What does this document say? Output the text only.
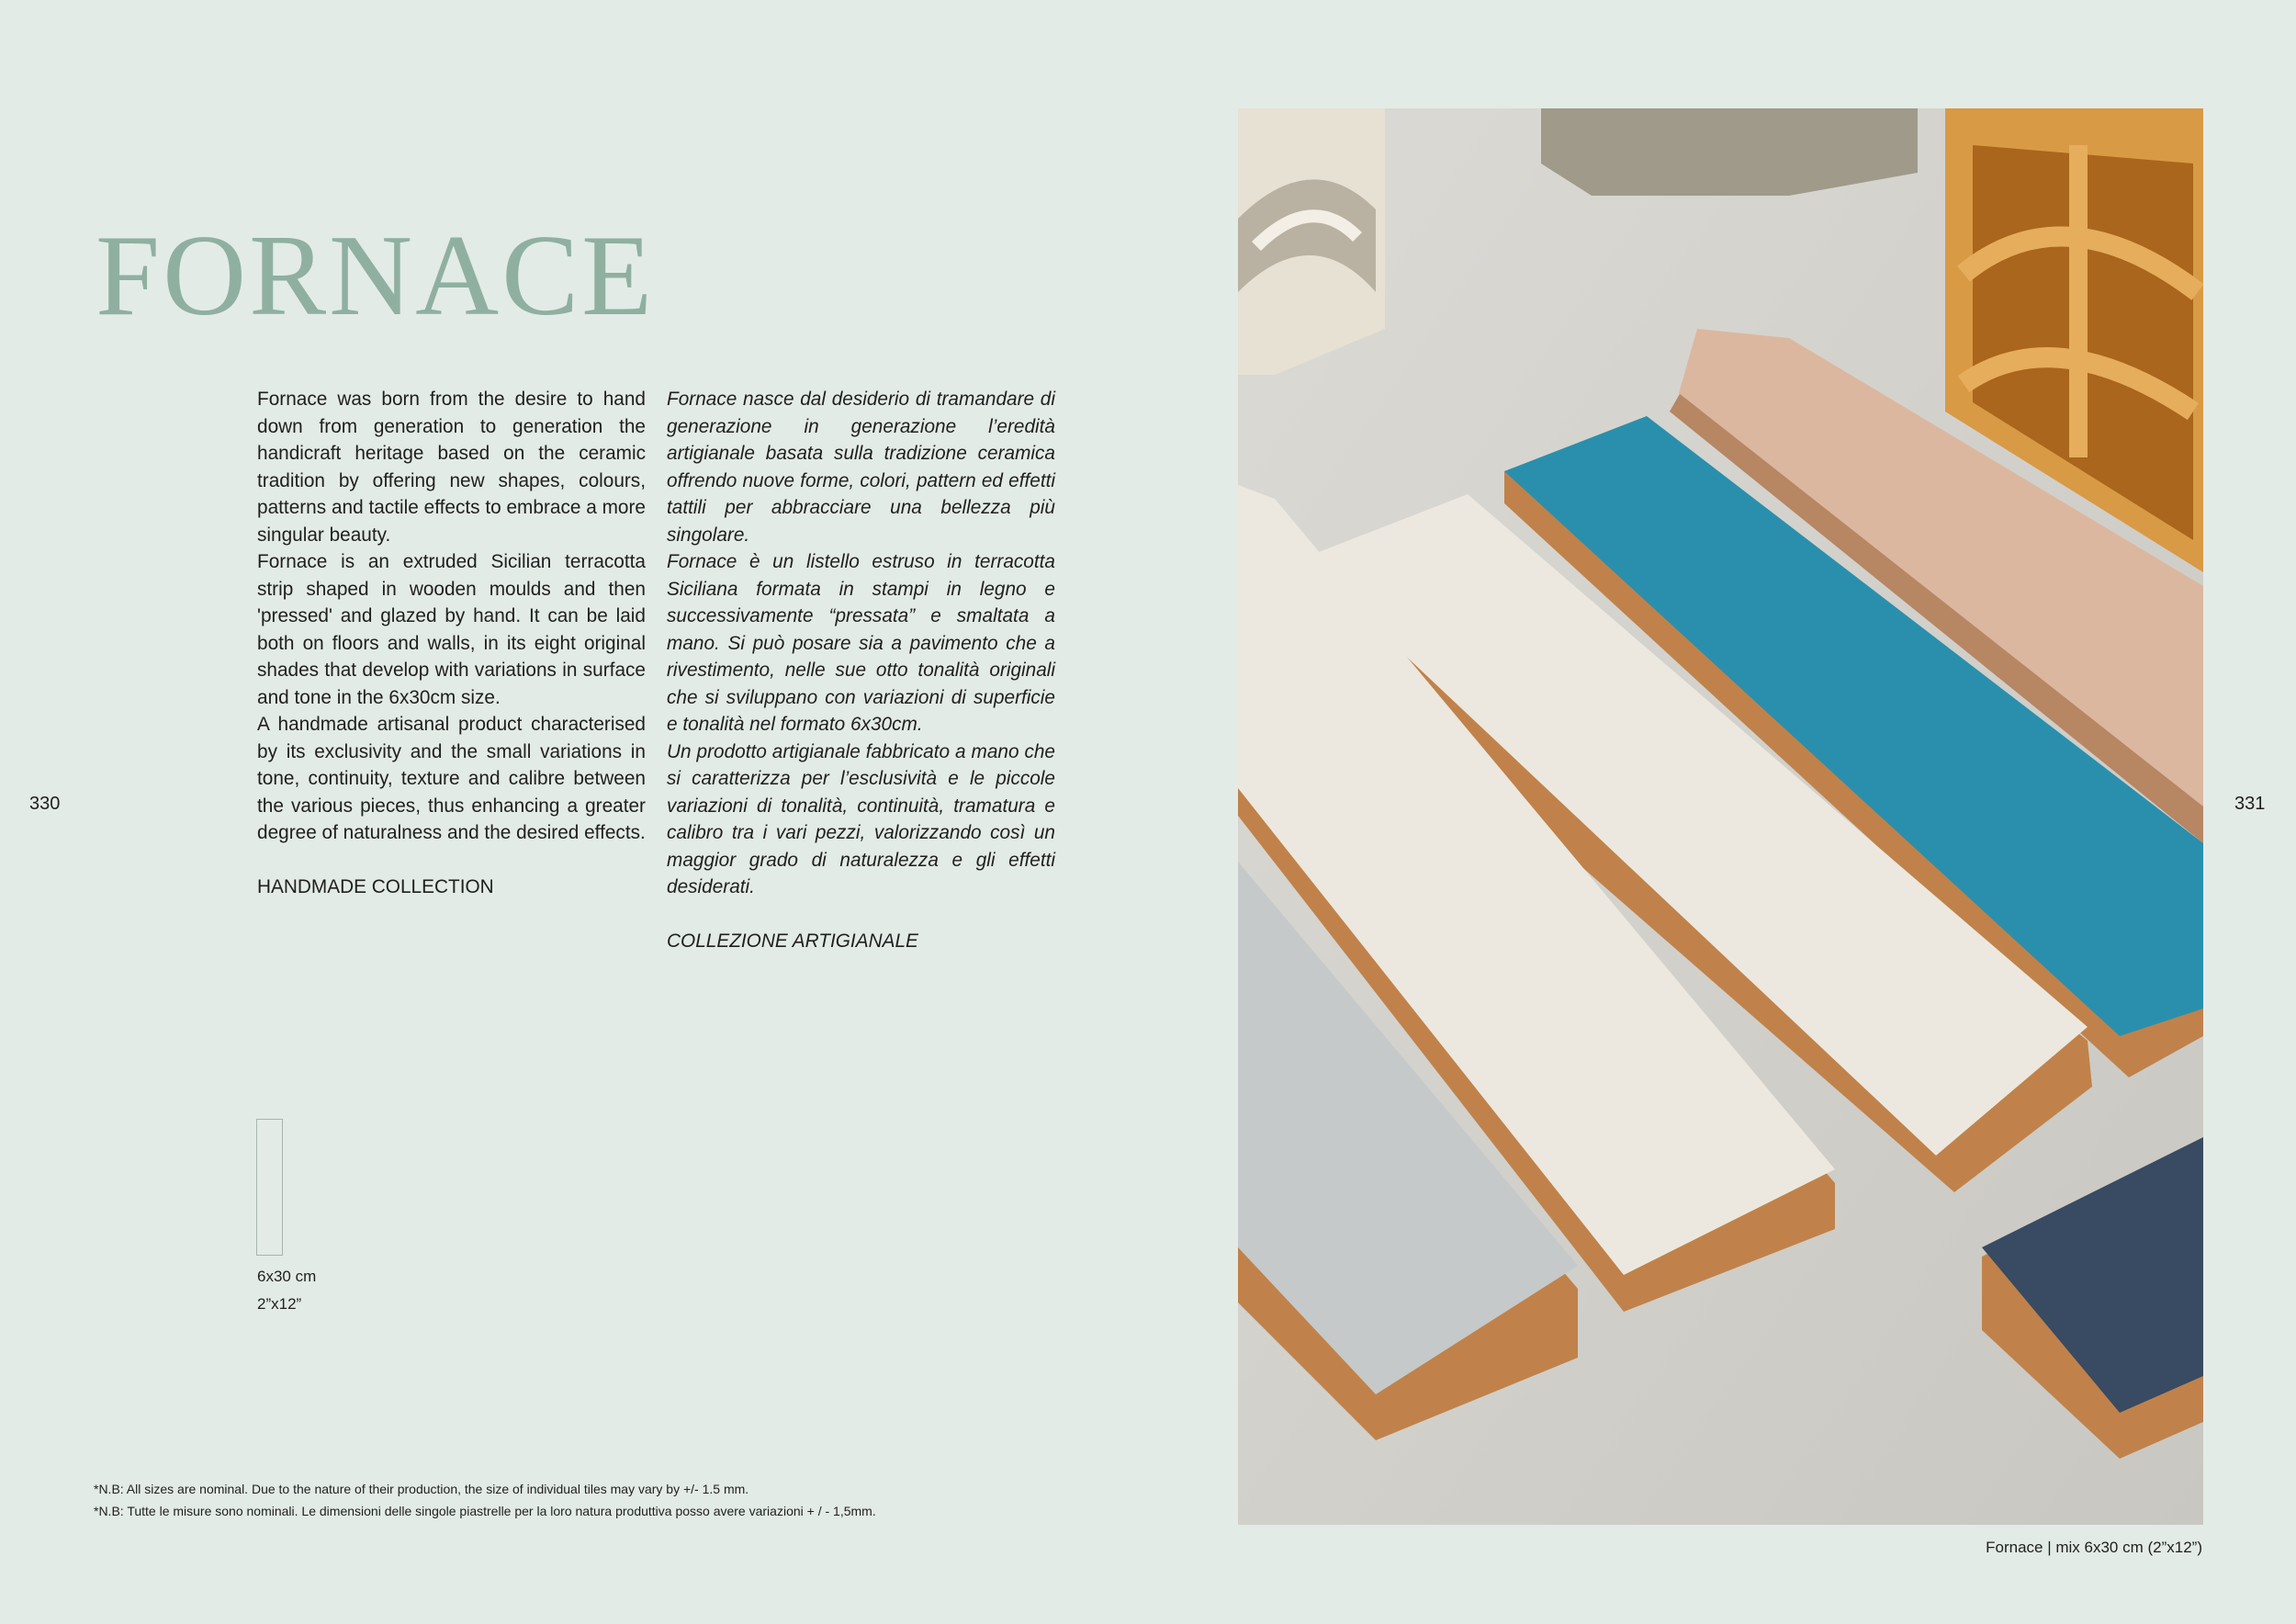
FORNACE

Fornace was born from the desire to hand down from generation to generation the handicraft heritage based on the ceramic tradition by offering new shapes, colours, patterns and tactile effects to embrace a more singular beauty.

Fornace is an extruded Sicilian terracotta strip shaped in wooden moulds and then 'pressed' and glazed by hand. It can be laid both on floors and walls, in its eight original shades that develop with variations in surface and tone in the 6x30cm size.

A handmade artisanal product characterised by its exclusivity and the small variations in tone, continuity, texture and calibre between the various pieces, thus enhancing a greater degree of naturalness and the desired effects.

HANDMADE COLLECTION

Fornace nasce dal desiderio di tramandare di generazione in generazione l’eredità artigianale basata sulla tradizione ceramica offrendo nuove forme, colori, pattern ed effetti tattili per abbracciare una bellezza più singolare.

Fornace è un listello estruso in terracotta Siciliana formata in stampi in legno e successivamente “pressata” e smaltata a mano. Si può posare sia a pavimento che a rivestimento, nelle sue otto tonalità originali che si sviluppano con variazioni di superficie e tonalità nel formato 6x30cm.

Un prodotto artigianale fabbricato a mano che si caratterizza per l’esclusività e le piccole variazioni di tonalità, continuità, tramatura e calibro tra i vari pezzi, valorizzando così un maggior grado di naturalezza e gli effetti desiderati.

COLLEZIONE ARTIGIANALE

330	331
6x30 cm
2”x12”
*N.B: All sizes are nominal. Due to the nature of their production, the size of individual tiles may vary by +/- 1.5 mm.
*N.B: Tutte le misure sono nominali. Le dimensioni delle singole piastrelle per la loro natura produttiva posso avere variazioni + / - 1,5mm.
Fornace | mix 6x30 cm (2”x12”)
